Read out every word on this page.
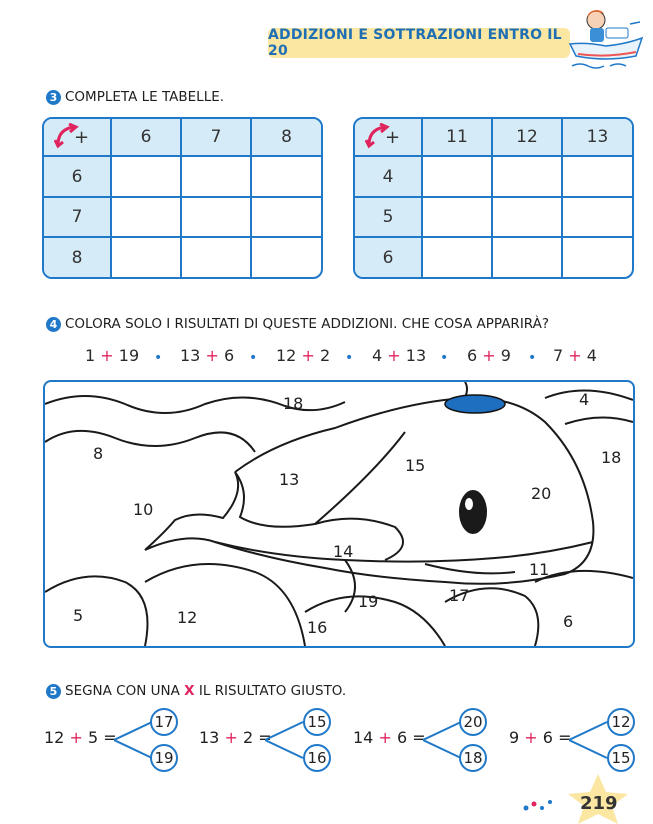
ADDIZIONI E SOTTRAZIONI ENTRO IL 20
3 COMPLETA LE TABELLE.
+	6	7	8
6
7
8
+	11	12	13
4
5
6
4 COLORA SOLO I RISULTATI DI QUESTE ADDIZIONI. CHE COSA APPARIRÀ?
1 + 19 • 13 + 6 • 12 + 2 • 4 + 13 • 6 + 9 • 7 + 4
18	4
8	18
13
15
20
10
14
11
17
19
5	12
16	6
5 SEGNA CON UNA X IL RISULTATO GIUSTO.
12 + 5 =
17
19
13 + 2 =
15
16
14 + 6 =
20
18
9 + 6 =
12
15
219
